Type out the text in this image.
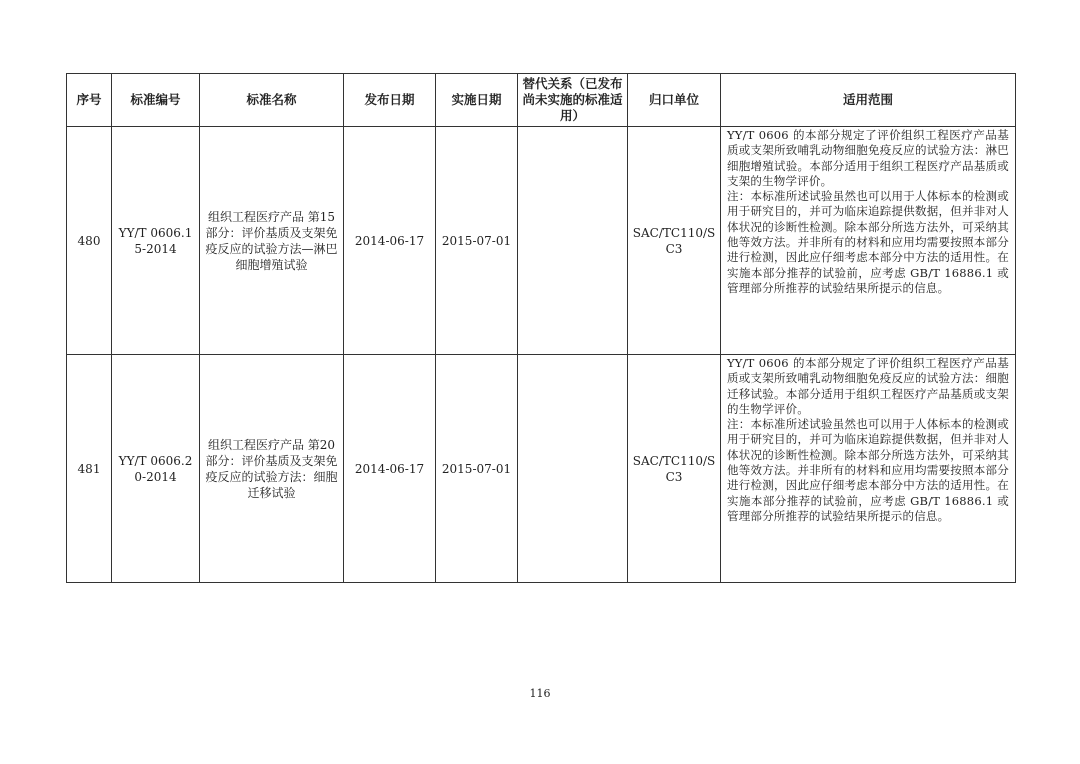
序号	标准编号	标准名称	发布日期	实施日期	替代关系（已发布尚未实施的标准适用）	归口单位	适用范围
480	YY/T 0606.15-2014	组织工程医疗产品 第15部分：评价基质及支架免疫反应的试验方法—淋巴细胞增殖试验	2014-06-17	2015-07-01		SAC/TC110/SC3	YY/T 0606 的本部分规定了评价组织工程医疗产品基质或支架所致哺乳动物细胞免疫反应的试验方法：淋巴细胞增殖试验。本部分适用于组织工程医疗产品基质或支架的生物学评价。

注：本标准所述试验虽然也可以用于人体标本的检测或用于研究目的，并可为临床追踪提供数据，但并非对人体状况的诊断性检测。除本部分所选方法外，可采纳其他等效方法。并非所有的材料和应用均需要按照本部分进行检测，因此应仔细考虑本部分中方法的适用性。在实施本部分推荐的试验前，应考虑 GB/T 16886.1 或管理部分所推荐的试验结果所提示的信息。

481	YY/T 0606.20-2014	组织工程医疗产品 第20部分：评价基质及支架免疫反应的试验方法：细胞迁移试验	2014-06-17	2015-07-01		SAC/TC110/SC3	YY/T 0606 的本部分规定了评价组织工程医疗产品基质或支架所致哺乳动物细胞免疫反应的试验方法：细胞迁移试验。本部分适用于组织工程医疗产品基质或支架的生物学评价。

注：本标准所述试验虽然也可以用于人体标本的检测或用于研究目的，并可为临床追踪提供数据，但并非对人体状况的诊断性检测。除本部分所选方法外，可采纳其他等效方法。并非所有的材料和应用均需要按照本部分进行检测，因此应仔细考虑本部分中方法的适用性。在实施本部分推荐的试验前，应考虑 GB/T 16886.1 或管理部分所推荐的试验结果所提示的信息。

116
